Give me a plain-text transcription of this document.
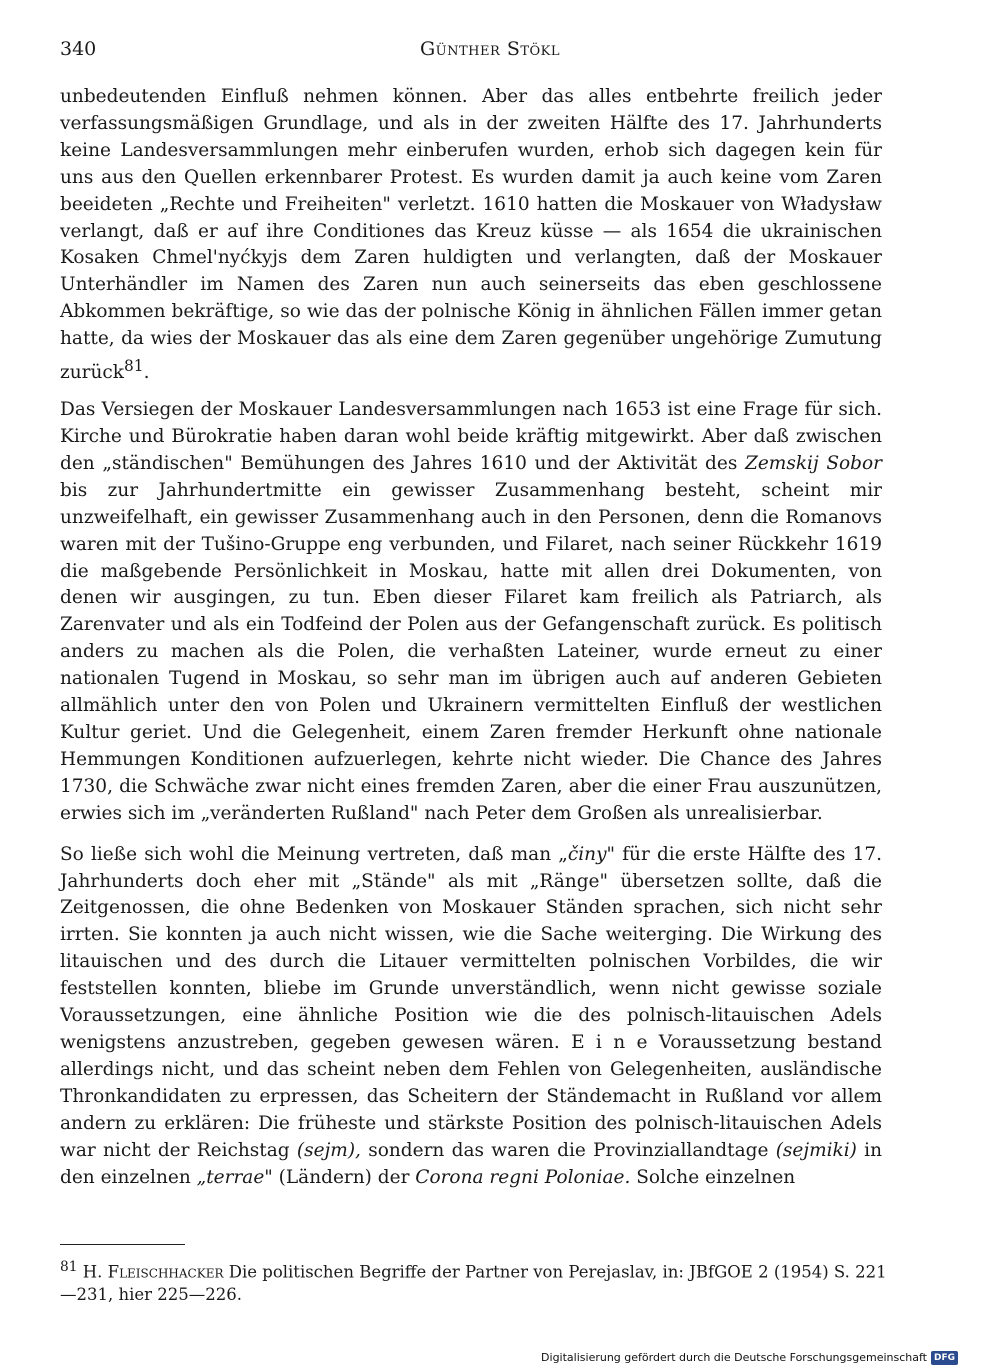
340	Günther Stökl

unbedeutenden Einfluß nehmen können. Aber das alles entbehrte freilich jeder verfassungsmäßigen Grundlage, und als in der zweiten Hälfte des 17. Jahrhunderts keine Landesversammlungen mehr einberufen wurden, erhob sich dagegen kein für uns aus den Quellen erkennbarer Protest. Es wurden damit ja auch keine vom Zaren beeideten „Rechte und Freiheiten" verletzt. 1610 hatten die Moskauer von Władysław verlangt, daß er auf ihre Conditiones das Kreuz küsse — als 1654 die ukrainischen Kosaken Chmel'nyćkyjs dem Zaren huldigten und verlangten, daß der Moskauer Unterhändler im Namen des Zaren nun auch seinerseits das eben geschlossene Abkommen bekräftige, so wie das der polnische König in ähnlichen Fällen immer getan hatte, da wies der Moskauer das als eine dem Zaren gegenüber ungehörige Zumutung zurück$^{81}$.

Das Versiegen der Moskauer Landesversammlungen nach 1653 ist eine Frage für sich. Kirche und Bürokratie haben daran wohl beide kräftig mitgewirkt. Aber daß zwischen den „ständischen" Bemühungen des Jahres 1610 und der Aktivität des Zemskij Sobor bis zur Jahrhundertmitte ein gewisser Zusammenhang besteht, scheint mir unzweifelhaft, ein gewisser Zusammenhang auch in den Personen, denn die Romanovs waren mit der Tušino-Gruppe eng verbunden, und Filaret, nach seiner Rückkehr 1619 die maßgebende Persönlichkeit in Moskau, hatte mit allen drei Dokumenten, von denen wir ausgingen, zu tun. Eben dieser Filaret kam freilich als Patriarch, als Zarenvater und als ein Todfeind der Polen aus der Gefangenschaft zurück. Es politisch anders zu machen als die Polen, die verhaßten Lateiner, wurde erneut zu einer nationalen Tugend in Moskau, so sehr man im übrigen auch auf anderen Gebieten allmählich unter den von Polen und Ukrainern vermittelten Einfluß der westlichen Kultur geriet. Und die Gelegenheit, einem Zaren fremder Herkunft ohne nationale Hemmungen Konditionen aufzuerlegen, kehrte nicht wieder. Die Chance des Jahres 1730, die Schwäche zwar nicht eines fremden Zaren, aber die einer Frau auszunützen, erwies sich im „veränderten Rußland" nach Peter dem Großen als unrealisierbar.

So ließe sich wohl die Meinung vertreten, daß man „činy" für die erste Hälfte des 17. Jahrhunderts doch eher mit „Stände" als mit „Ränge" übersetzen sollte, daß die Zeitgenossen, die ohne Bedenken von Moskauer Ständen sprachen, sich nicht sehr irrten. Sie konnten ja auch nicht wissen, wie die Sache weiterging. Die Wirkung des litauischen und des durch die Litauer vermittelten polnischen Vorbildes, die wir feststellen konnten, bliebe im Grunde unverständlich, wenn nicht gewisse soziale Voraussetzungen, eine ähnliche Position wie die des polnisch-litauischen Adels wenigstens anzustreben, gegeben gewesen wären. E i n e Voraussetzung bestand allerdings nicht, und das scheint neben dem Fehlen von Gelegenheiten, ausländische Thronkandidaten zu erpressen, das Scheitern der Ständemacht in Rußland vor allem andern zu erklären: Die früheste und stärkste Position des polnisch-litauischen Adels war nicht der Reichstag (sejm), sondern das waren die Provinziallandtage (sejmiki) in den einzelnen „terrae" (Ländern) der Corona regni Poloniae. Solche einzelnen

$^{81}$ H. Fleischhacker Die politischen Begriffe der Partner von Perejaslav, in: JBfGOE 2 (1954) S. 221—231, hier 225—226.
Digitalisierung gefördert durch die Deutsche Forschungsgemeinschaft DFG
